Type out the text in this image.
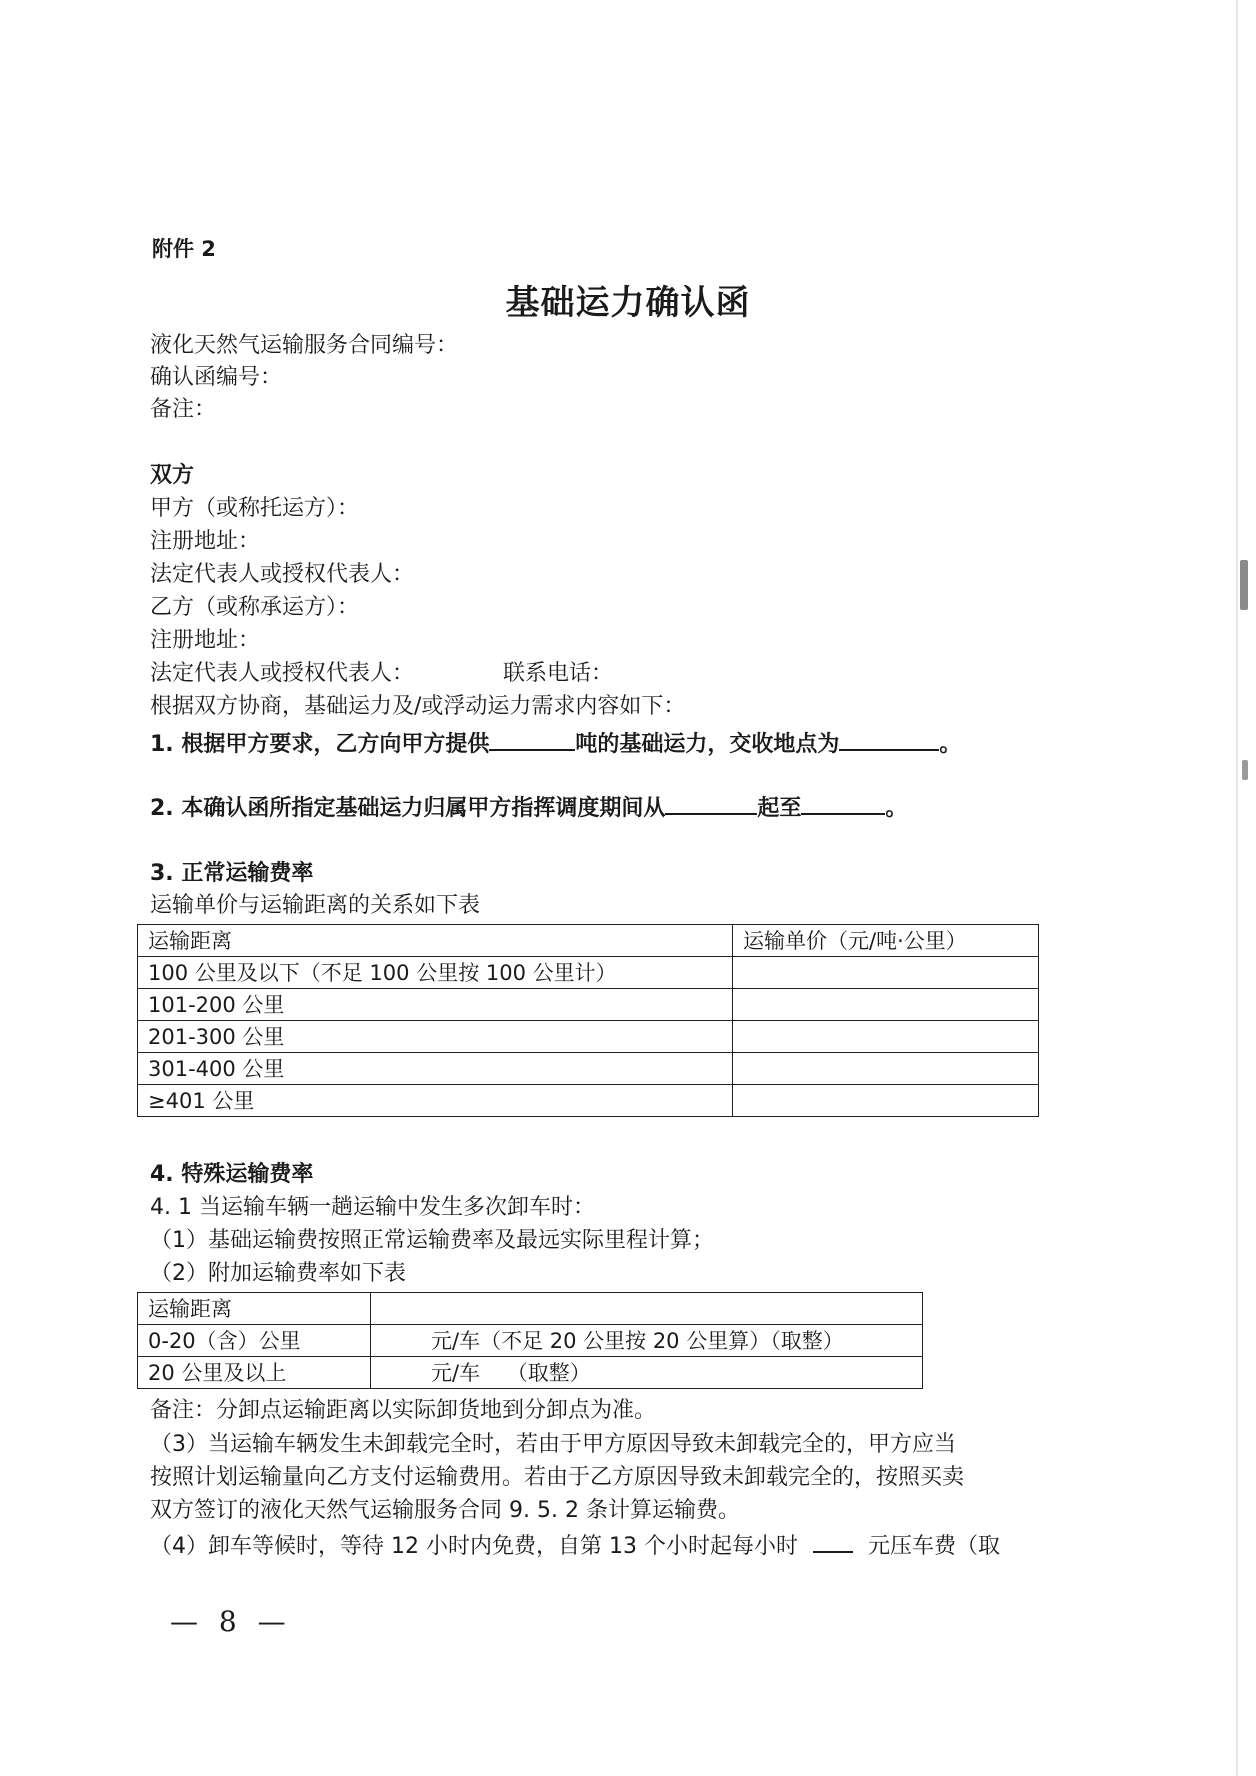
附件 2
基础运力确认函
液化天然气运输服务合同编号：
确认函编号：
备注：
双方
甲方（或称托运方）：
注册地址：
法定代表人或授权代表人：
乙方（或称承运方）：
注册地址：
法定代表人或授权代表人：	联系电话：
根据双方协商，基础运力及/或浮动运力需求内容如下：
1. 根据甲方要求，乙方向甲方提供	吨的基础运力，交收地点为	。
2. 本确认函所指定基础运力归属甲方指挥调度期间从	起至	。
3. 正常运输费率
运输单价与运输距离的关系如下表
运输距离	运输单价（元/吨·公里）
100 公里及以下（不足 100 公里按 100 公里计）	
101-200 公里	
201-300 公里	
301-400 公里	
≥401 公里	
4. 特殊运输费率
4. 1 当运输车辆一趟运输中发生多次卸车时：
（1）基础运输费按照正常运输费率及最远实际里程计算；
（2）附加运输费率如下表
运输距离	
0-20（含）公里	元/车（不足 20 公里按 20 公里算）（取整）
20 公里及以上	元/车    （取整）
备注：分卸点运输距离以实际卸货地到分卸点为准。
（3）当运输车辆发生未卸载完全时，若由于甲方原因导致未卸载完全的，甲方应当
按照计划运输量向乙方支付运输费用。若由于乙方原因导致未卸载完全的，按照买卖
双方签订的液化天然气运输服务合同 9. 5. 2 条计算运输费。
（4）卸车等候时，等待 12 小时内免费，自第 13 个小时起每小时	元压车费（取
— 8 —
